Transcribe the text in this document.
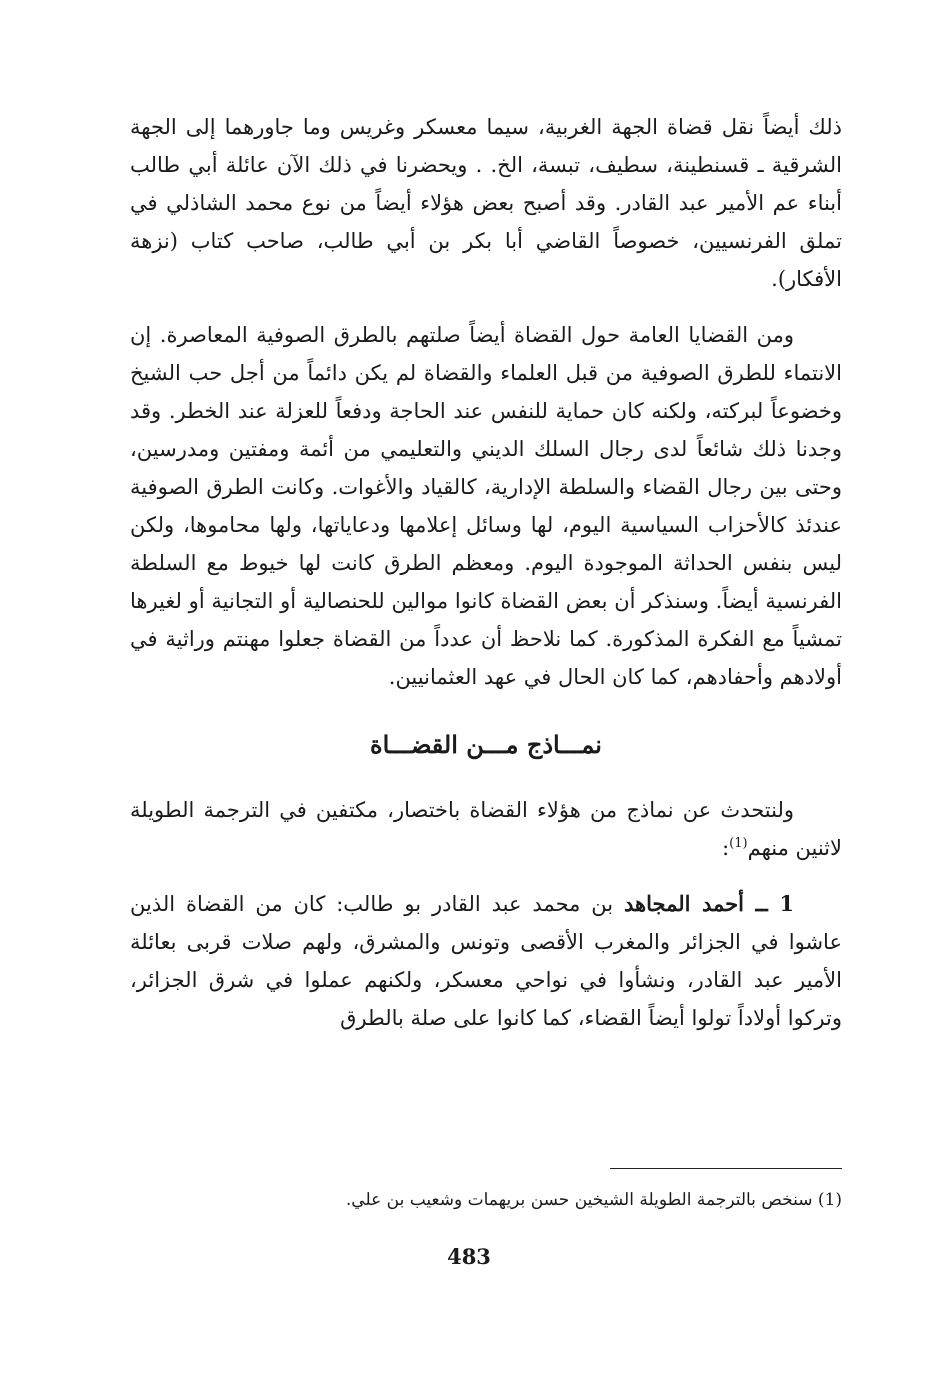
ذلك أيضاً نقل قضاة الجهة الغربية، سيما معسكر وغريس وما جاورهما إلى الجهة الشرقية ـ قسنطينة، سطيف، تبسة، الخ. . ويحضرنا في ذلك الآن عائلة أبي طالب أبناء عم الأمير عبد القادر. وقد أصبح بعض هؤلاء أيضاً من نوع محمد الشاذلي في تملق الفرنسيين، خصوصاً القاضي أبا بكر بن أبي طالب، صاحب كتاب (نزهة الأفكار).

ومن القضايا العامة حول القضاة أيضاً صلتهم بالطرق الصوفية المعاصرة. إن الانتماء للطرق الصوفية من قبل العلماء والقضاة لم يكن دائماً من أجل حب الشيخ وخضوعاً لبركته، ولكنه كان حماية للنفس عند الحاجة ودفعاً للعزلة عند الخطر. وقد وجدنا ذلك شائعاً لدى رجال السلك الديني والتعليمي من أئمة ومفتين ومدرسين، وحتى بين رجال القضاء والسلطة الإدارية، كالقياد والأغوات. وكانت الطرق الصوفية عندئذ كالأحزاب السياسية اليوم، لها وسائل إعلامها ودعاياتها، ولها محاموها، ولكن ليس بنفس الحداثة الموجودة اليوم. ومعظم الطرق كانت لها خيوط مع السلطة الفرنسية أيضاً. وسنذكر أن بعض القضاة كانوا موالين للحنصالية أو التجانية أو لغيرها تمشياً مع الفكرة المذكورة. كما نلاحظ أن عدداً من القضاة جعلوا مهنتم وراثية في أولادهم وأحفادهم، كما كان الحال في عهد العثمانيين.

نمـــاذج مـــن القضـــاة

ولنتحدث عن نماذج من هؤلاء القضاة باختصار، مكتفين في الترجمة الطويلة لاثنين منهم$^{(1)}$:

1 ــ أحمد المجاهد بن محمد عبد القادر بو طالب: كان من القضاة الذين عاشوا في الجزائر والمغرب الأقصى وتونس والمشرق، ولهم صلات قربى بعائلة الأمير عبد القادر، ونشأوا في نواحي معسكر، ولكنهم عملوا في شرق الجزائر، وتركوا أولاداً تولوا أيضاً القضاء، كما كانوا على صلة بالطرق

(1) سنخص بالترجمة الطويلة الشيخين حسن بريهمات وشعيب بن علي.
483
